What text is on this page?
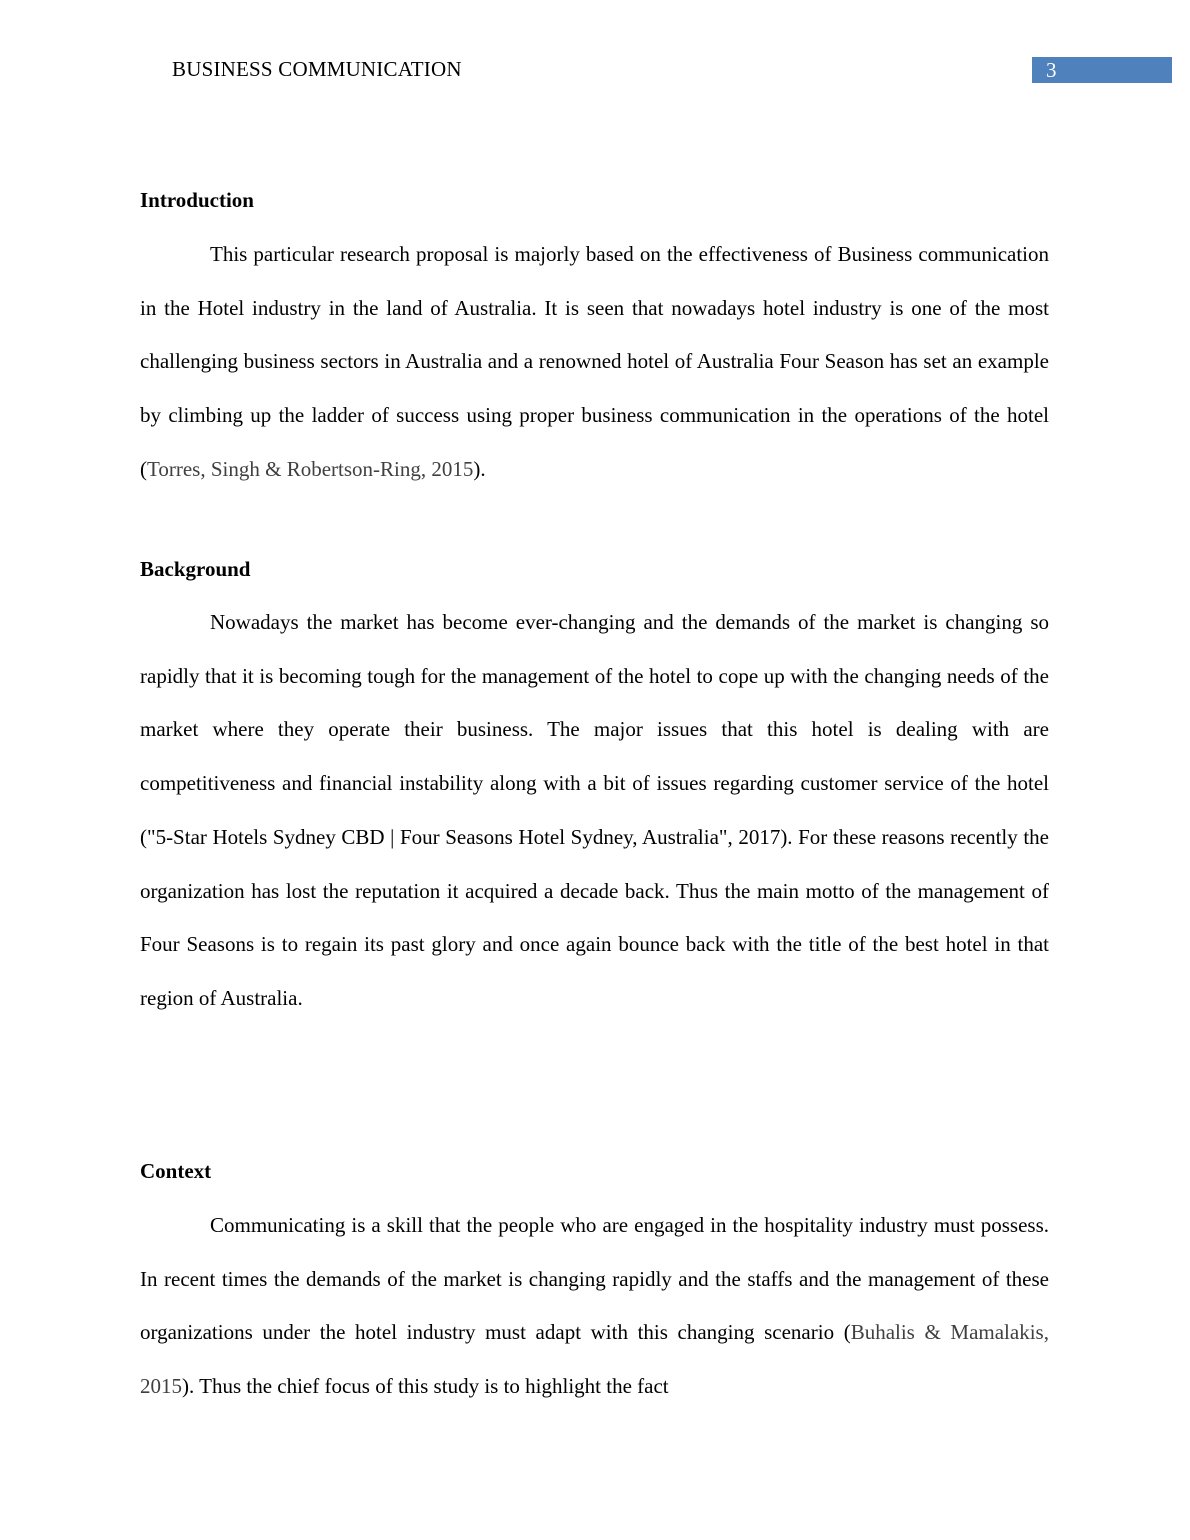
BUSINESS COMMUNICATION	3
Introduction

This particular research proposal is majorly based on the effectiveness of Business communication in the Hotel industry in the land of Australia. It is seen that nowadays hotel industry is one of the most challenging business sectors in Australia and a renowned hotel of Australia Four Season has set an example by climbing up the ladder of success using proper business communication in the operations of the hotel (Torres, Singh & Robertson-Ring, 2015).

Background

Nowadays the market has become ever-changing and the demands of the market is changing so rapidly that it is becoming tough for the management of the hotel to cope up with the changing needs of the market where they operate their business. The major issues that this hotel is dealing with are competitiveness and financial instability along with a bit of issues regarding customer service of the hotel ("5-Star Hotels Sydney CBD | Four Seasons Hotel Sydney, Australia", 2017). For these reasons recently the organization has lost the reputation it acquired a decade back. Thus the main motto of the management of Four Seasons is to regain its past glory and once again bounce back with the title of the best hotel in that region of Australia.

Context

Communicating is a skill that the people who are engaged in the hospitality industry must possess. In recent times the demands of the market is changing rapidly and the staffs and the management of these organizations under the hotel industry must adapt with this changing scenario (Buhalis & Mamalakis, 2015). Thus the chief focus of this study is to highlight the fact
